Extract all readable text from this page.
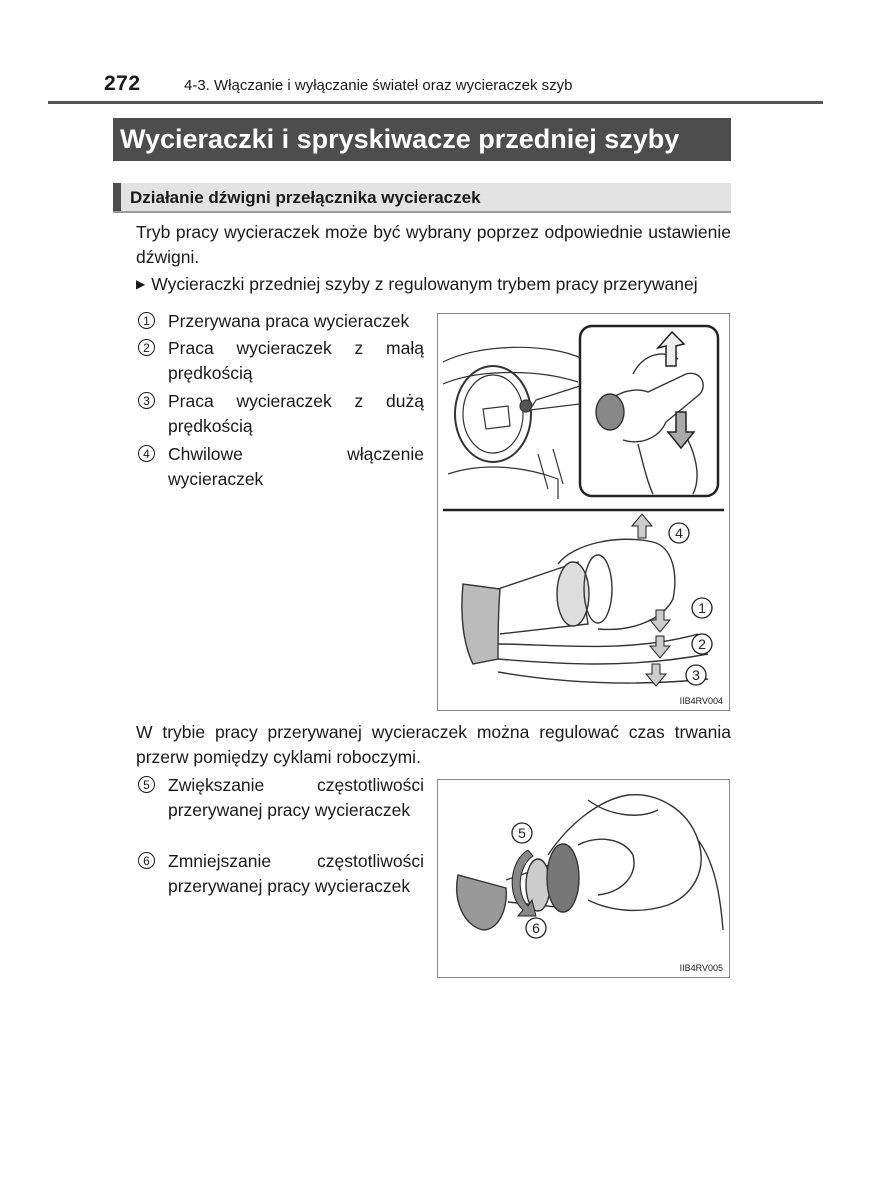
272	4-3. Włączanie i wyłączanie świateł oraz wycieraczek szyb
Wycieraczki i spryskiwacze przedniej szyby
Działanie dźwigni przełącznika wycieraczek
Tryb pracy wycieraczek może być wybrany poprzez odpowiednie ustawienie dźwigni.
▶ Wycieraczki przedniej szyby z regulowanym trybem pracy przerywanej
1 Przerywana praca wycieraczek
2 Praca wycieraczek z małą prędkością
3 Praca wycieraczek z dużą prędkością
4 Chwilowe włączenie wycieraczek
4
1
2
3
IIB4RV004
W trybie pracy przerywanej wycieraczek można regulować czas trwania przerw pomiędzy cyklami roboczymi.
5 Zwiększanie częstotliwości przerywanej pracy wycieraczek
6 Zmniejszanie częstotliwości przerywanej pracy wycieraczek
5
6
IIB4RV005
